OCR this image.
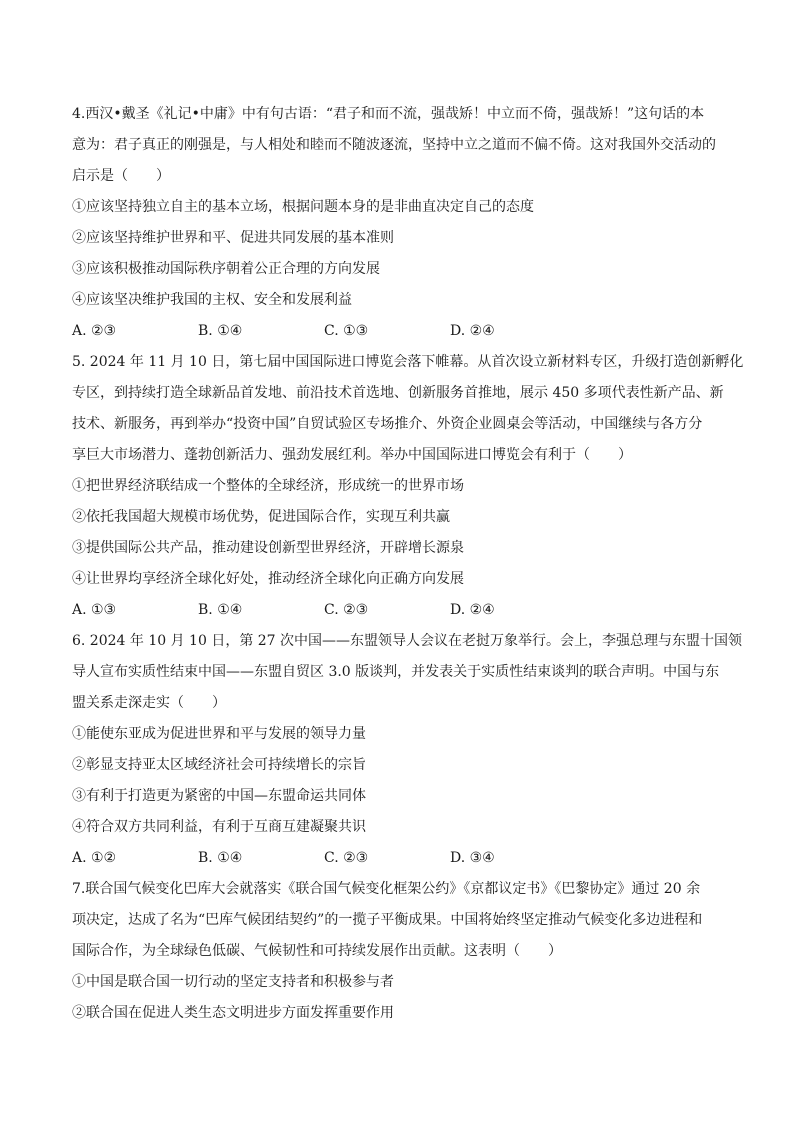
4.西汉•戴圣《礼记•中庸》中有句古语：“君子和而不流，强哉矫！中立而不倚，强哉矫！”这句话的本

意为：君子真正的刚强是，与人相处和睦而不随波逐流，坚持中立之道而不偏不倚。这对我国外交活动的

启示是（　　）

①应该坚持独立自主的基本立场，根据问题本身的是非曲直决定自己的态度

②应该坚持维护世界和平、促进共同发展的基本准则

③应该积极推动国际秩序朝着公正合理的方向发展

④应该坚决维护我国的主权、安全和发展利益

A. ②③	B. ①④	C. ①③	D. ②④

5. 2024 年 11 月 10 日，第七届中国国际进口博览会落下帷幕。从首次设立新材料专区，升级打造创新孵化

专区，到持续打造全球新品首发地、前沿技术首选地、创新服务首推地，展示 450 多项代表性新产品、新

技术、新服务，再到举办“投资中国”自贸试验区专场推介、外资企业圆桌会等活动，中国继续与各方分

享巨大市场潜力、蓬勃创新活力、强劲发展红利。举办中国国际进口博览会有利于（　　）

①把世界经济联结成一个整体的全球经济，形成统一的世界市场

②依托我国超大规模市场优势，促进国际合作，实现互利共赢

③提供国际公共产品，推动建设创新型世界经济，开辟增长源泉

④让世界均享经济全球化好处，推动经济全球化向正确方向发展

A. ①③	B. ①④	C. ②③	D. ②④

6. 2024 年 10 月 10 日，第 27 次中国——东盟领导人会议在老挝万象举行。会上，李强总理与东盟十国领

导人宣布实质性结束中国——东盟自贸区 3.0 版谈判，并发表关于实质性结束谈判的联合声明。中国与东

盟关系走深走实（　　）

①能使东亚成为促进世界和平与发展的领导力量

②彰显支持亚太区域经济社会可持续增长的宗旨

③有利于打造更为紧密的中国—东盟命运共同体

④符合双方共同利益，有利于互商互建凝聚共识

A. ①②	B. ①④	C. ②③	D. ③④

7.联合国气候变化巴库大会就落实《联合国气候变化框架公约》《京都议定书》《巴黎协定》通过 20 余

项决定，达成了名为“巴库气候团结契约”的一揽子平衡成果。中国将始终坚定推动气候变化多边进程和

国际合作，为全球绿色低碳、气候韧性和可持续发展作出贡献。这表明（　　）

①中国是联合国一切行动的坚定支持者和积极参与者

②联合国在促进人类生态文明进步方面发挥重要作用
